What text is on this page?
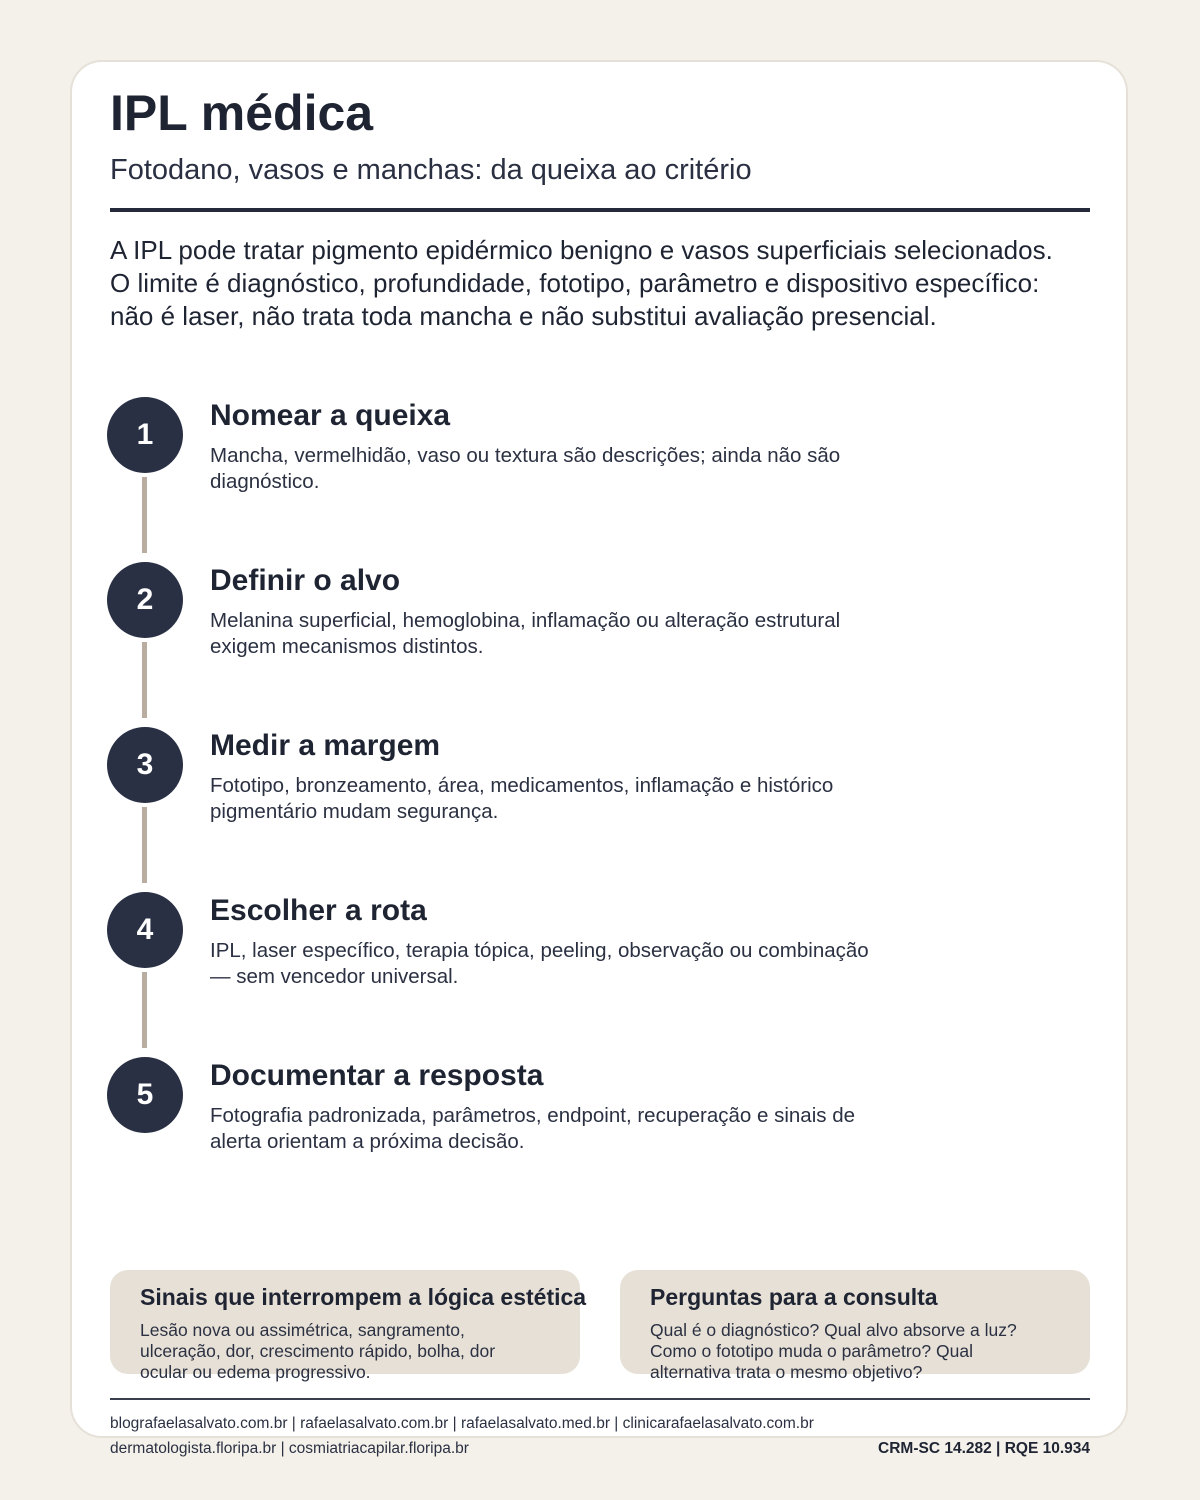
IPL médica
Fotodano, vasos e manchas: da queixa ao critério

A IPL pode tratar pigmento epidérmico benigno e vasos superficiais selecionados. O limite é diagnóstico, profundidade, fototipo, parâmetro e dispositivo específico: não é laser, não trata toda mancha e não substitui avaliação presencial.

1
Nomear a queixa
Mancha, vermelhidão, vaso ou textura são descrições; ainda não são diagnóstico.
2
Definir o alvo
Melanina superficial, hemoglobina, inflamação ou alteração estrutural exigem mecanismos distintos.
3
Medir a margem
Fototipo, bronzeamento, área, medicamentos, inflamação e histórico pigmentário mudam segurança.
4
Escolher a rota
IPL, laser específico, terapia tópica, peeling, observação ou combinação — sem vencedor universal.
5
Documentar a resposta
Fotografia padronizada, parâmetros, endpoint, recuperação e sinais de alerta orientam a próxima decisão.
Sinais que interrompem a lógica estética
Lesão nova ou assimétrica, sangramento, ulceração, dor, crescimento rápido, bolha, dor ocular ou edema progressivo.
Perguntas para a consulta
Qual é o diagnóstico? Qual alvo absorve a luz? Como o fototipo muda o parâmetro? Qual alternativa trata o mesmo objetivo?
blografaelasalvato.com.br | rafaelasalvato.com.br | rafaelasalvato.med.br | clinicarafaelasalvato.com.br
dermatologista.floripa.br | cosmiatriacapilar.floripa.br	CRM-SC 14.282 | RQE 10.934
